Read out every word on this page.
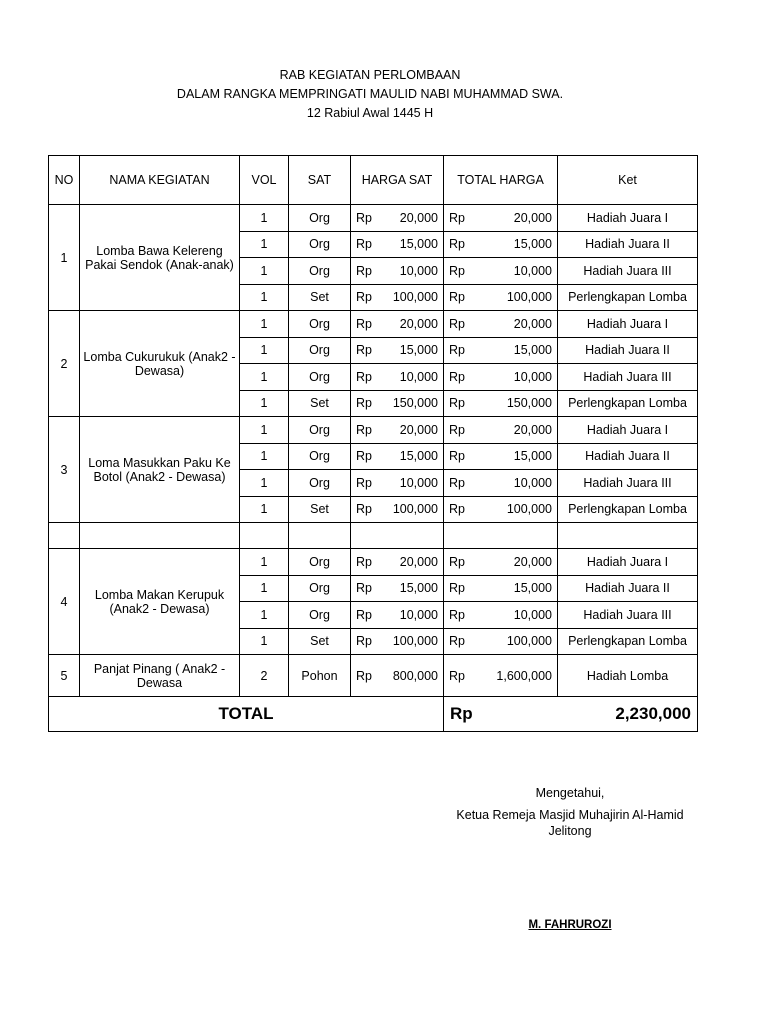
RAB KEGIATAN PERLOMBAAN
DALAM RANGKA MEMPRINGATI MAULID NABI MUHAMMAD SWA.
12 Rabiul Awal 1445 H
NO	NAMA KEGIATAN	VOL	SAT	HARGA SAT	TOTAL HARGA	Ket
1	Lomba Bawa Kelereng Pakai Sendok (Anak-anak)	1	Org	Rp 20,000	Rp 20,000	Hadiah Juara I
		1	Org	Rp 15,000	Rp 15,000	Hadiah Juara II
		1	Org	Rp 10,000	Rp 10,000	Hadiah Juara III
		1	Set	Rp 100,000	Rp 100,000	Perlengkapan Lomba
2	Lomba Cukurukuk (Anak2 - Dewasa)	1	Org	Rp 20,000	Rp 20,000	Hadiah Juara I
		1	Org	Rp 15,000	Rp 15,000	Hadiah Juara II
		1	Org	Rp 10,000	Rp 10,000	Hadiah Juara III
		1	Set	Rp 150,000	Rp 150,000	Perlengkapan Lomba
3	Loma Masukkan Paku Ke Botol (Anak2 - Dewasa)	1	Org	Rp 20,000	Rp 20,000	Hadiah Juara I
		1	Org	Rp 15,000	Rp 15,000	Hadiah Juara II
		1	Org	Rp 10,000	Rp 10,000	Hadiah Juara III
		1	Set	Rp 100,000	Rp 100,000	Perlengkapan Lomba

4	Lomba Makan Kerupuk (Anak2 - Dewasa)	1	Org	Rp 20,000	Rp 20,000	Hadiah Juara I
		1	Org	Rp 15,000	Rp 15,000	Hadiah Juara II
		1	Org	Rp 10,000	Rp 10,000	Hadiah Juara III
		1	Set	Rp 100,000	Rp 100,000	Perlengkapan Lomba
5	Panjat Pinang ( Anak2 - Dewasa	2	Pohon	Rp 800,000	Rp 1,600,000	Hadiah Lomba
TOTAL					Rp 2,230,000	
Mengetahui,
Ketua Remeja Masjid Muhajirin Al-Hamid Jelitong
M. FAHRUROZI
